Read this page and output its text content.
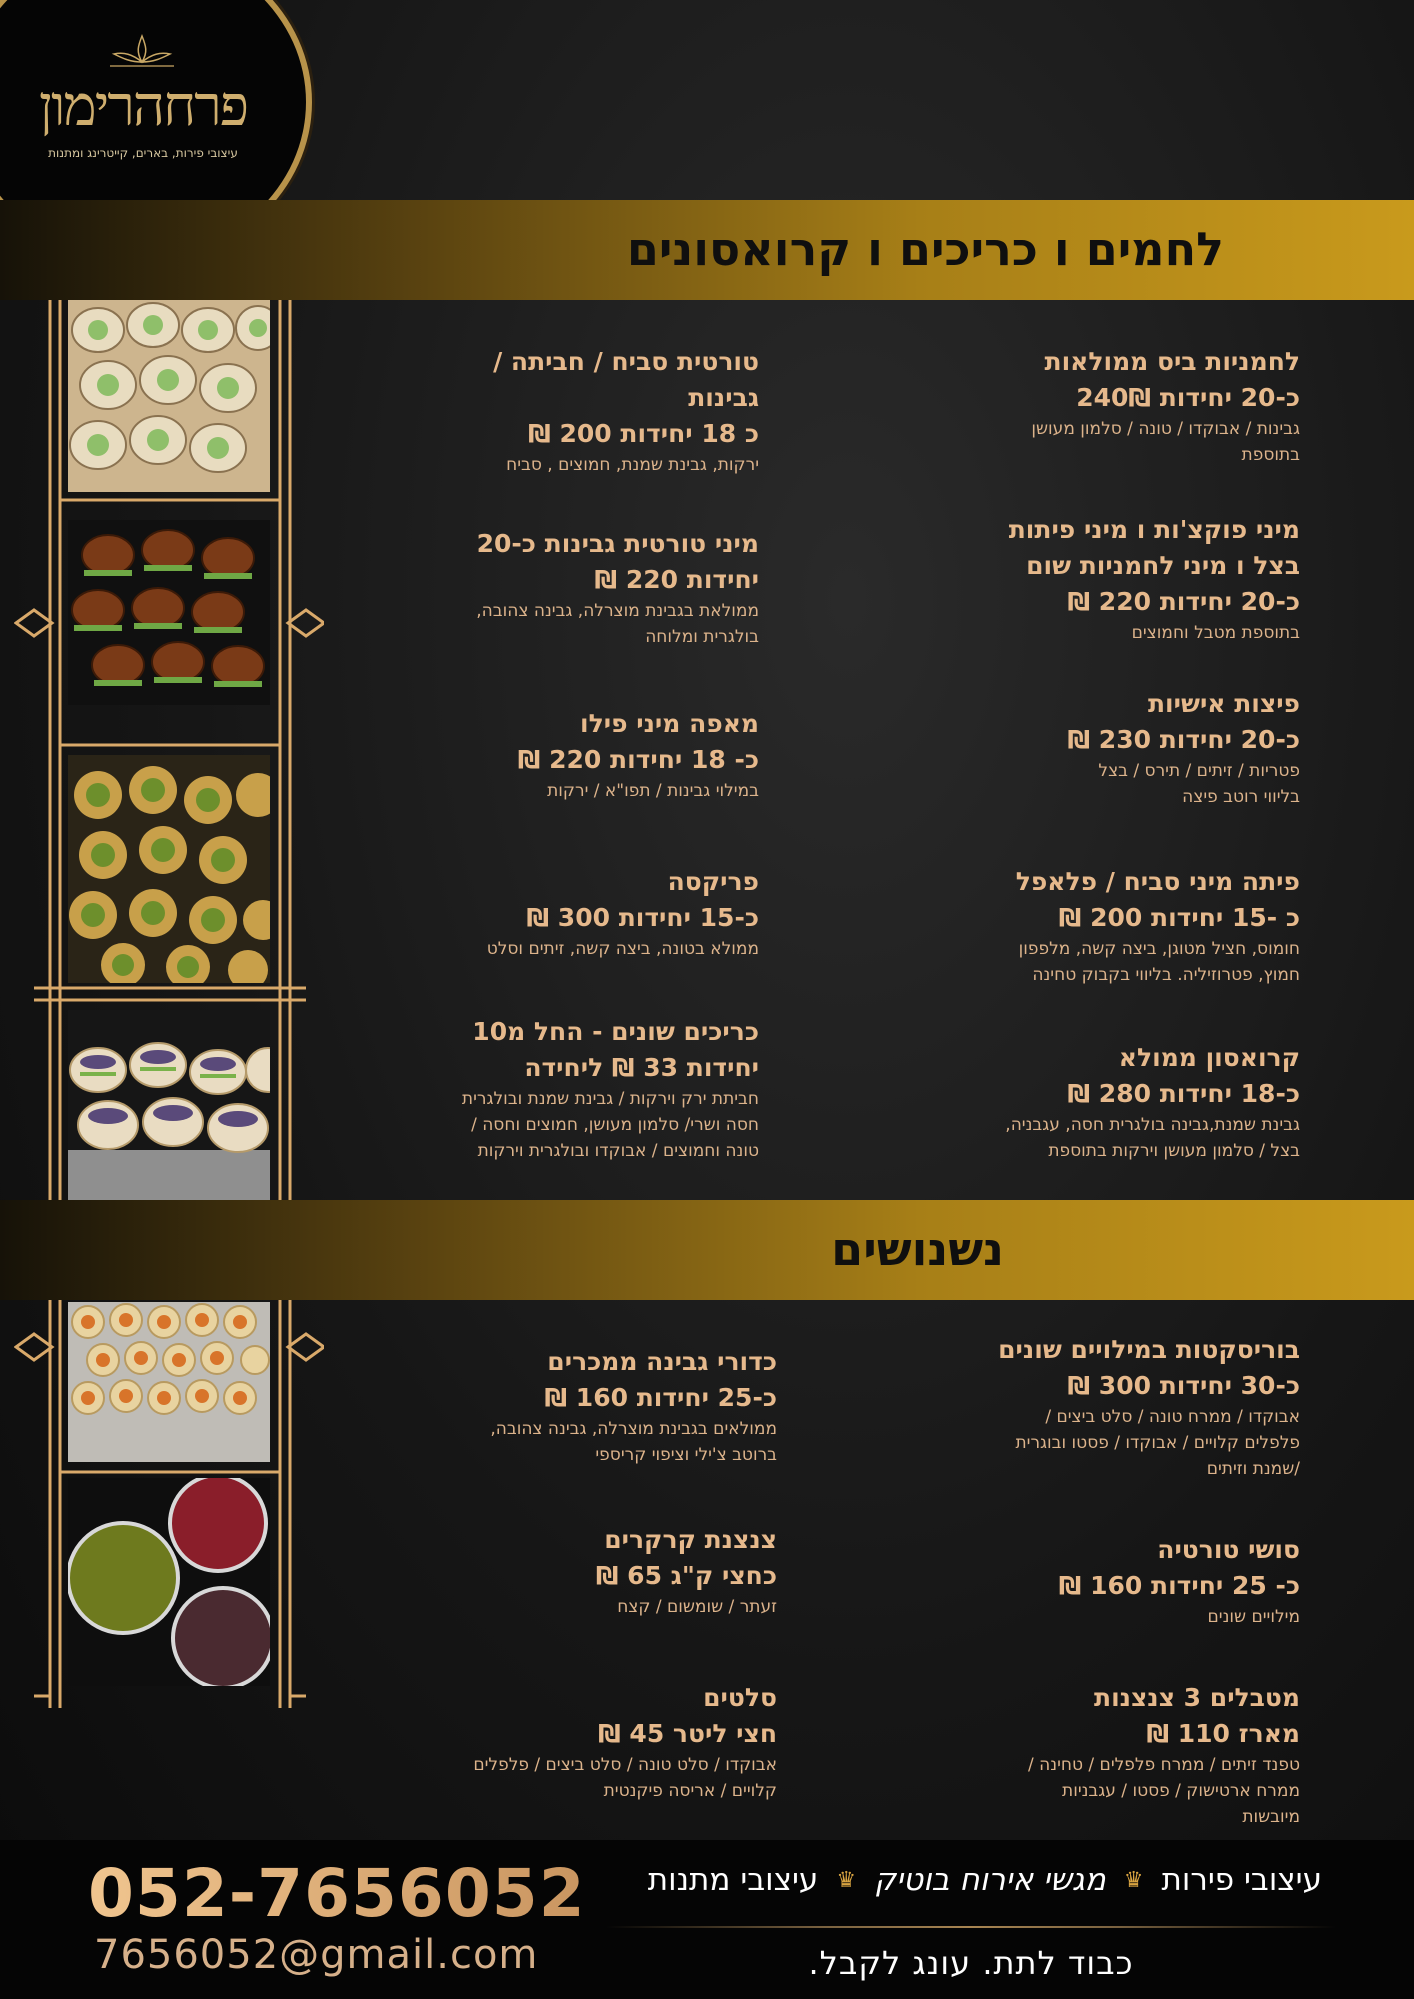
פרחהרימון
עיצובי פירות, בארים, קייטרינג ומתנות
לחמים ו כריכים ו קרואסונים
נשנושים
לחמניות ביס ממולאות
כ-20 יחידות 240₪
גבינות / אבוקדו / טונה / סלמון מעושן
בתוספת
מיני פוקצ'ות ו מיני פיתות
בצל ו מיני לחמניות שום
כ-20 יחידות 220 ₪
בתוספת מטבל וחמוצים
פיצות אישיות
כ-20 יחידות 230 ₪
פטריות / זיתים / תירס / בצל
בליווי רוטב פיצה
פיתה מיני סביח / פלאפל
כ -15 יחידות 200 ₪
חומוס, חציל מטוגן, ביצה קשה, מלפפון
חמוץ, פטרוזיליה. בליווי בקבוק טחינה
קרואסון ממולא
כ-18 יחידות 280 ₪
גבינת שמנת,גבינה בולגרית חסה, עגבניה,
בצל / סלמון מעושן וירקות בתוספת
טורטית סביח / חביתה /
גבינות
כ 18 יחידות 200 ₪
ירקות, גבינת שמנת, חמוצים , סביח
מיני טורטית גבינות כ-20
יחידות 220 ₪
ממולאת בגבינת מוצרלה, גבינה צהובה,
בולגרית ומלוחה
מאפה מיני פילו
כ- 18 יחידות 220 ₪
במילוי גבינות / תפו"א / ירקות
פריקסה
כ-15 יחידות 300 ₪
ממולא בטונה, ביצה קשה, זיתים וסלט
כריכים שונים - החל מ10
יחידות 33 ₪ ליחידה
חביתת ירק וירקות / גבינת שמנת ובולגרית
חסה ושרי/ סלמון מעושן, חמוצים וחסה /
טונה וחמוצים / אבוקדו ובולגרית וירקות
בוריסקטות במילויים שונים
כ-30 יחידות 300 ₪
אבוקדו / ממרח טונה / סלט ביצים /
פלפלים קלויים / אבוקדו / פסטו ובוגרית
/שמנת וזיתים
סושי טורטיה
כ- 25 יחידות 160 ₪
מילויים שונים
מטבלים 3 צנצנות
מארז 110 ₪
טפנד זיתים / ממרח פלפלים / טחינה /
ממרח ארטישוק / פסטו / עגבניות
מיובשות
כדורי גבינה ממכרים
כ-25 יחידות 160 ₪
ממולאים בגבינת מוצרלה, גבינה צהובה,
ברוטב צ'ילי וציפוי קריספי
צנצנת קרקרים
כחצי ק"ג 65 ₪
זעתר / שומשום / קצח
סלטים
חצי ליטר 45 ₪
אבוקדו / סלט טונה / סלט ביצים / פלפלים
קלויים / אריסה פיקנטית
052-7656052
7656052@gmail.com
עיצובי פירות
♛
מגשי אירוח בוטיק
♛
עיצובי מתנות
כבוד לתת. עונג לקבל.
